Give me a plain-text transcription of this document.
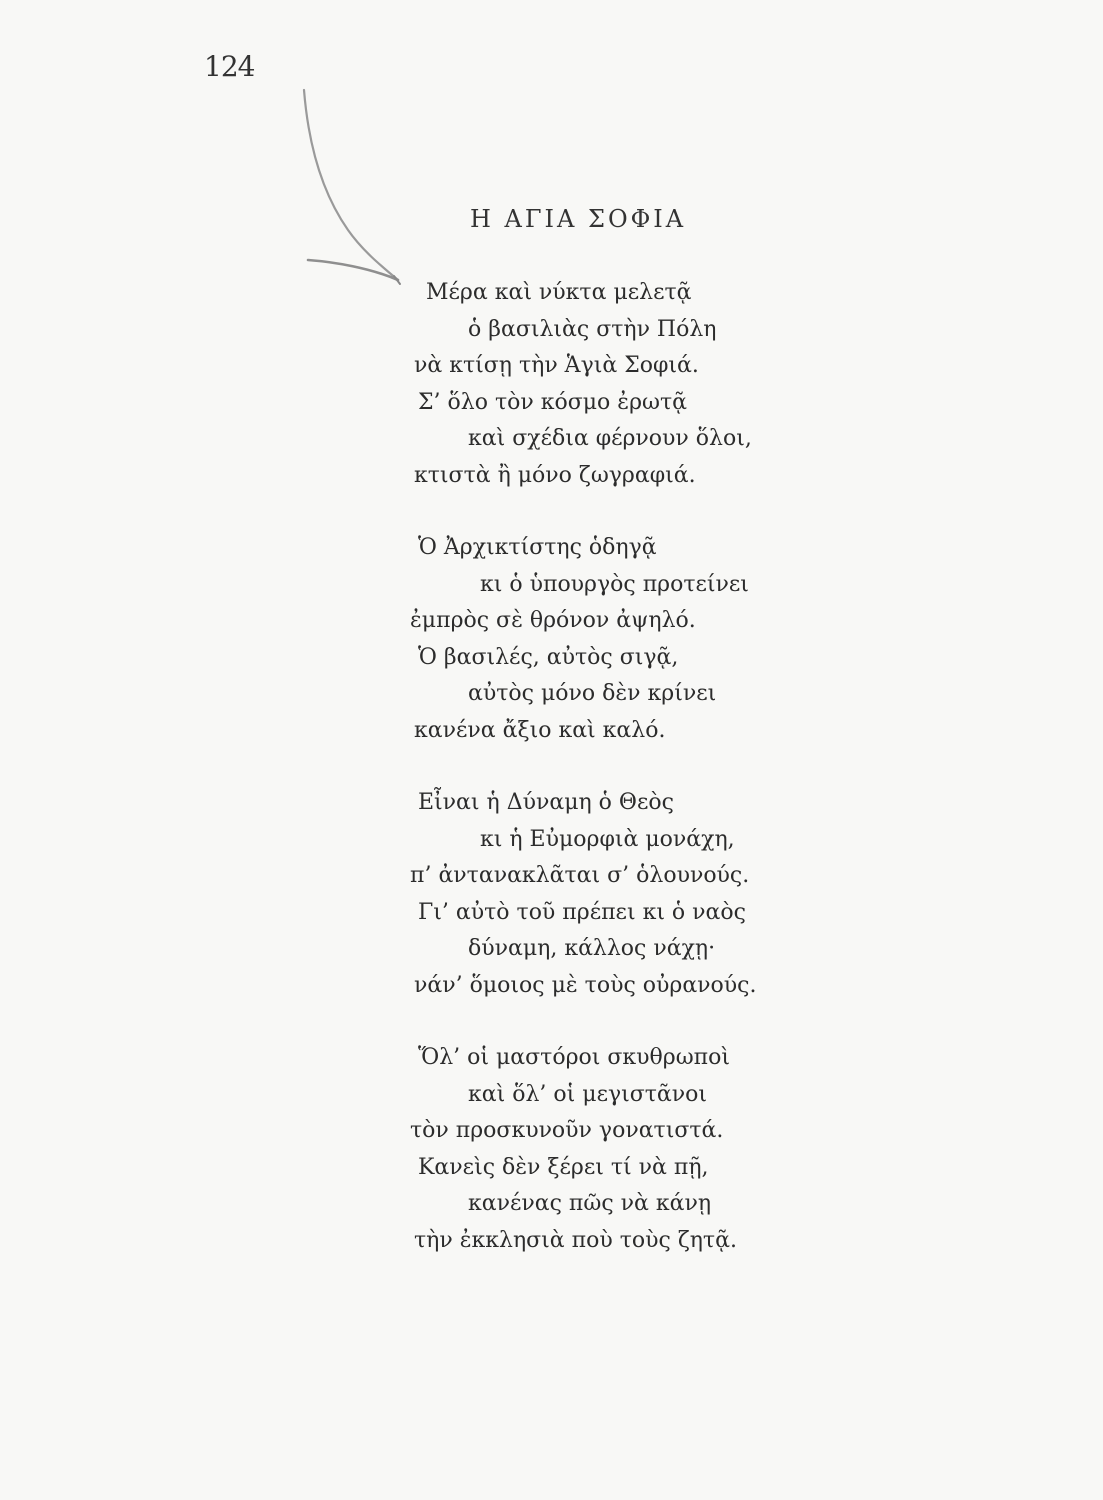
124
Η ΑΓΙΑ ΣΟΦΙΑ
Μέρα καὶ νύκτα μελετᾷ
ὁ βασιλιὰς στὴν Πόλη
νὰ κτίσῃ τὴν Ἁγιὰ Σοφιά.
Σ’ ὅλο τὸν κόσμο ἐρωτᾷ
καὶ σχέδια φέρνουν ὅλοι,
κτιστὰ ἢ μόνο ζωγραφιά.
Ὁ Ἀρχικτίστης ὁδηγᾷ
κι ὁ ὑπουργὸς προτείνει
ἐμπρὸς σὲ θρόνον ἀψηλό.
Ὁ βασιλές, αὐτὸς σιγᾷ,
αὐτὸς μόνο δὲν κρίνει
κανένα ἄξιο καὶ καλό.
Εἶναι ἡ Δύναμη ὁ Θεὸς
κι ἡ Εὐμορφιὰ μονάχη,
π’ ἀντανακλᾶται σ’ ὁλουνούς.
Γι’ αὐτὸ τοῦ πρέπει κι ὁ ναὸς
δύναμη, κάλλος νάχῃ·
νάν’ ὅμοιος μὲ τοὺς οὐρανούς.
Ὅλ’ οἱ μαστόροι σκυθρωποὶ
καὶ ὅλ’ οἱ μεγιστᾶνοι
τὸν προσκυνοῦν γονατιστά.
Κανεὶς δὲν ξέρει τί νὰ πῇ,
κανένας πῶς νὰ κάνῃ
τὴν ἐκκλησιὰ ποὺ τοὺς ζητᾷ.
